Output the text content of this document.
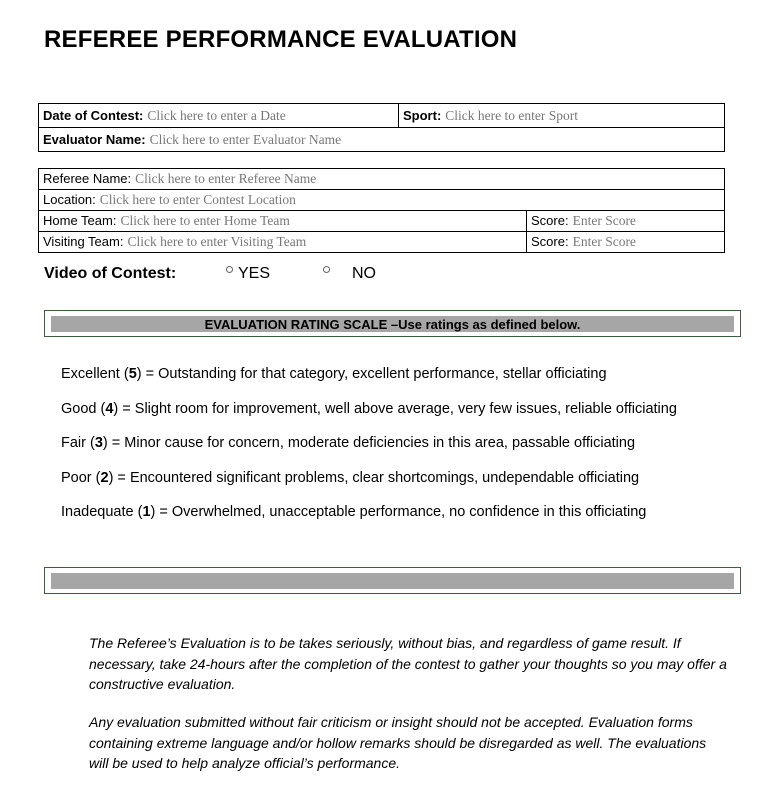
REFEREE PERFORMANCE EVALUATION
Date of Contest: Click here to enter a Date	Sport: Click here to enter Sport
Evaluator Name: Click here to enter Evaluator Name
Referee Name: Click here to enter Referee Name	
Location: Click here to enter Contest Location	
Home Team: Click here to enter Home Team	Score: Enter Score
Visiting Team: Click here to enter Visiting Team	Score: Enter Score
Video of Contest:	YES	NO
EVALUATION RATING SCALE – Use ratings as defined below.
Excellent (5) = Outstanding for that category, excellent performance, stellar officiating
Good (4) = Slight room for improvement, well above average, very few issues, reliable officiating
Fair (3) = Minor cause for concern, moderate deficiencies in this area, passable officiating
Poor (2) = Encountered significant problems, clear shortcomings, undependable officiating
Inadequate (1) = Overwhelmed, unacceptable performance, no confidence in this officiating

The Referee’s Evaluation is to be takes seriously, without bias, and regardless of game result. If necessary, take 24-hours after the completion of the contest to gather your thoughts so you may offer a constructive evaluation.

Any evaluation submitted without fair criticism or insight should not be accepted. Evaluation forms containing extreme language and/or hollow remarks should be disregarded as well. The evaluations will be used to help analyze official’s performance.
